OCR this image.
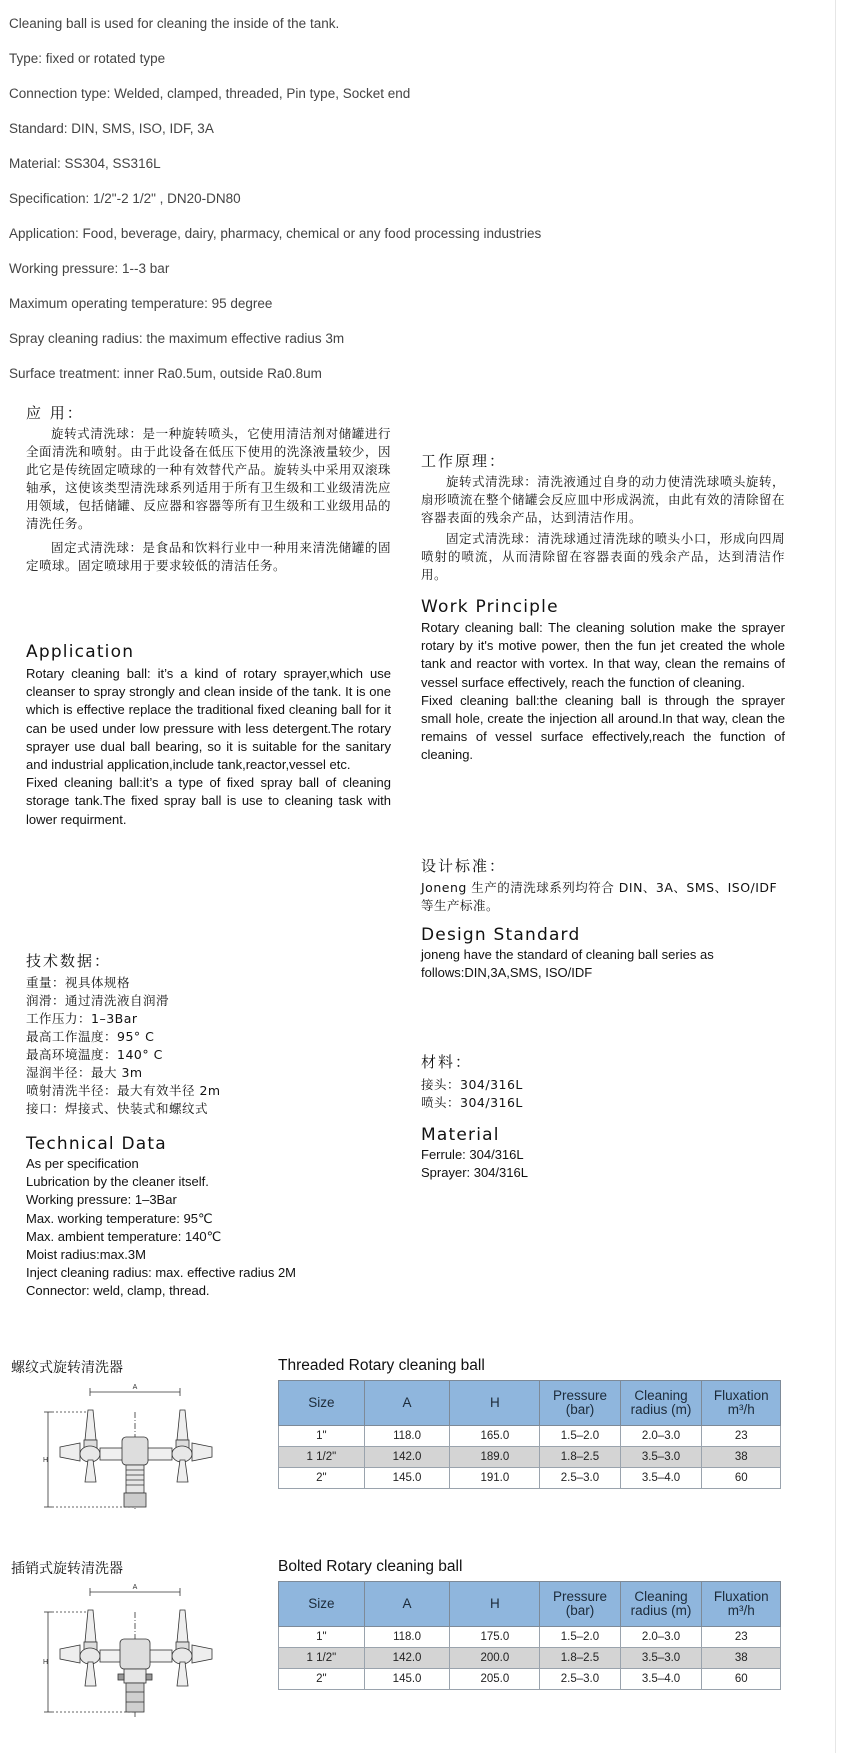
Cleaning ball is used for cleaning the inside of the tank.
Type: fixed or rotated type
Connection type: Welded, clamped, threaded, Pin type, Socket end
Standard: DIN, SMS, ISO, IDF, 3A
Material: SS304, SS316L
Specification: 1/2"-2 1/2" , DN20-DN80
Application: Food, beverage, dairy, pharmacy, chemical or any food processing industries
Working pressure: 1--3 bar
Maximum operating temperature: 95 degree
Spray cleaning radius: the maximum effective radius 3m
Surface treatment: inner Ra0.5um, outside Ra0.8um
应 用：

旋转式清洗球：是一种旋转喷头，它使用清洁剂对储罐进行全面清洗和喷射。由于此设备在低压下使用的洗涤液量较少，因此它是传统固定喷球的一种有效替代产品。旋转头中采用双滚珠轴承，这使该类型清洗球系列适用于所有卫生级和工业级清洗应用领域，包括储罐、反应器和容器等所有卫生级和工业级用品的清洗任务。

固定式清洗球：是食品和饮料行业中一种用来清洗储罐的固定喷球。固定喷球用于要求较低的清洁任务。

Application

Rotary cleaning ball: it’s a kind of rotary sprayer,which use cleanser to spray strongly and clean inside of the tank. It is one which is effective replace the traditional fixed cleaning ball for it can be used under low pressure with less detergent.The rotary sprayer use dual ball bearing, so it is suitable for the sanitary and industrial application,include tank,reactor,vessel etc.

Fixed cleaning ball:it’s a type of fixed spray ball of cleaning storage tank.The fixed spray ball is use to cleaning task with lower requirment.

工作原理：

旋转式清洗球：清洗液通过自身的动力使清洗球喷头旋转，扇形喷流在整个储罐会反应皿中形成涡流，由此有效的清除留在容器表面的残余产品，达到清洁作用。

固定式清洗球：清洗球通过清洗球的喷头小口，形成向四周喷射的喷流，从而清除留在容器表面的残余产品，达到清洁作用。

Work Principle

Rotary cleaning ball: The cleaning solution make the sprayer rotary by it's motive power, then the fun jet created the whole tank and reactor with vortex. In that way, clean the remains of vessel surface effectively, reach the function of cleaning.

Fixed cleaning ball:the cleaning ball is through the sprayer small hole, create the injection all around.In that way, clean the remains of vessel surface effectively,reach the function of cleaning.

设计标准：
Joneng 生产的清洗球系列均符合 DIN、3A、SMS、ISO/IDF 等生产标准。
Design Standard
joneng have the standard of cleaning ball series as follows:DIN,3A,SMS, ISO/IDF
技术数据：
重量：视具体规格
润滑：通过清洗液自润滑
工作压力：1–3Bar
最高工作温度：95° C
最高环境温度：140° C
湿润半径：最大 3m
喷射清洗半径：最大有效半径 2m
接口：焊接式、快装式和螺纹式
Technical Data
As per specification
Lubrication by the cleaner itself.
Working pressure: 1–3Bar
Max. working temperature: 95℃
Max. ambient temperature: 140℃
Moist radius:max.3M
Inject cleaning radius: max. effective radius 2M
Connector: weld, clamp, thread.
材料：
接头：304/316L
喷头：304/316L
Material
Ferrule: 304/316L
Sprayer: 304/316L
螺纹式旋转清洗器	Threaded Rotary cleaning ball
A
H
Size	A	H	Pressure (bar)	Cleaning radius (m)	Fluxation m³/h
1"	118.0	165.0	1.5–2.0	2.0–3.0	23
1 1/2"	142.0	189.0	1.8–2.5	3.5–3.0	38
2"	145.0	191.0	2.5–3.0	3.5–4.0	60
插销式旋转清洗器	Bolted Rotary cleaning ball
A
H
Size	A	H	Pressure (bar)	Cleaning radius (m)	Fluxation m³/h
1"	118.0	175.0	1.5–2.0	2.0–3.0	23
1 1/2"	142.0	200.0	1.8–2.5	3.5–3.0	38
2"	145.0	205.0	2.5–3.0	3.5–4.0	60
